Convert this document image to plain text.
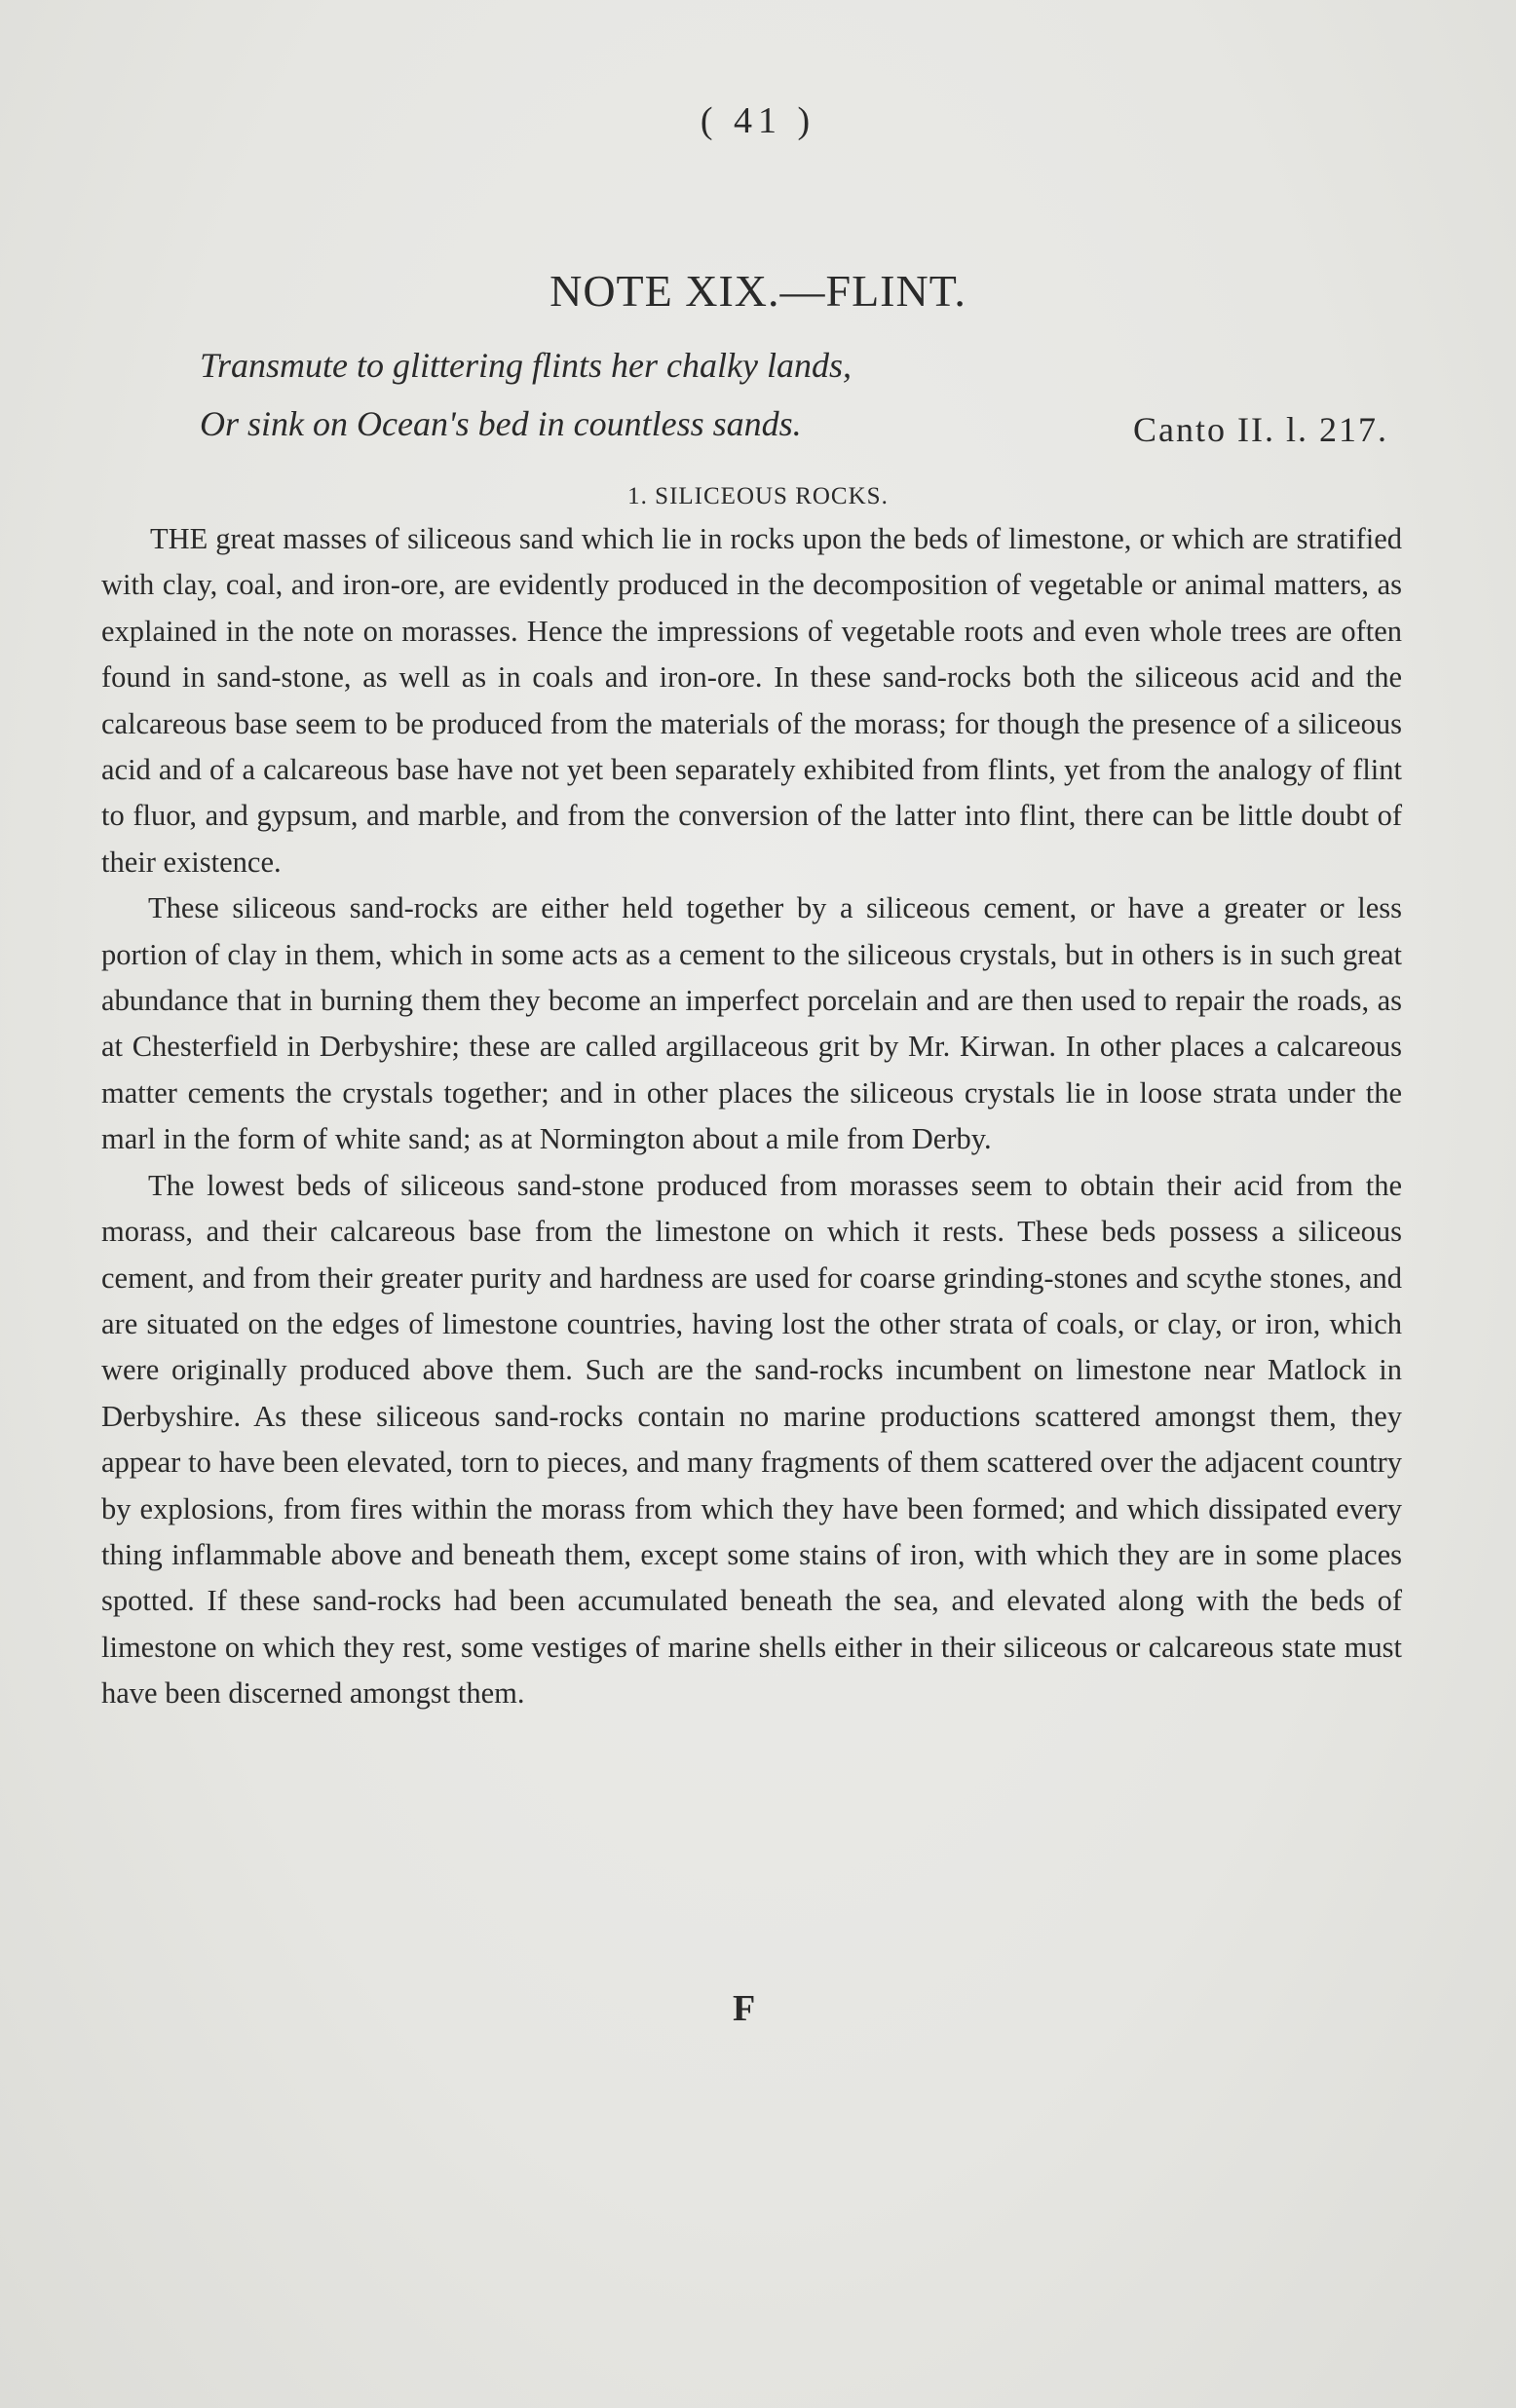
( 41 )
NOTE XIX.—FLINT.
Transmute to glittering flints her chalky lands,
Or sink on Ocean's bed in countless sands.	Canto II. l. 217.
1. SILICEOUS ROCKS.

THE great masses of siliceous sand which lie in rocks upon the beds of limestone, or which are stratified with clay, coal, and iron-ore, are evidently produced in the decomposition of vegetable or animal matters, as explained in the note on morasses. Hence the impressions of vegetable roots and even whole trees are often found in sand-stone, as well as in coals and iron-ore. In these sand-rocks both the siliceous acid and the calcareous base seem to be produced from the materials of the morass; for though the presence of a siliceous acid and of a calcareous base have not yet been separately exhibited from flints, yet from the analogy of flint to fluor, and gypsum, and marble, and from the conversion of the latter into flint, there can be little doubt of their existence.

These siliceous sand-rocks are either held together by a siliceous cement, or have a greater or less portion of clay in them, which in some acts as a cement to the siliceous crystals, but in others is in such great abundance that in burning them they become an imperfect porcelain and are then used to repair the roads, as at Chesterfield in Derbyshire; these are called argillaceous grit by Mr. Kirwan. In other places a calcareous matter cements the crystals together; and in other places the siliceous crystals lie in loose strata under the marl in the form of white sand; as at Normington about a mile from Derby.

The lowest beds of siliceous sand-stone produced from morasses seem to obtain their acid from the morass, and their calcareous base from the limestone on which it rests. These beds possess a siliceous cement, and from their greater purity and hardness are used for coarse grinding-stones and scythe stones, and are situated on the edges of limestone countries, having lost the other strata of coals, or clay, or iron, which were originally produced above them. Such are the sand-rocks incumbent on limestone near Matlock in Derbyshire. As these siliceous sand-rocks contain no marine productions scattered amongst them, they appear to have been elevated, torn to pieces, and many fragments of them scattered over the adjacent country by explosions, from fires within the morass from which they have been formed; and which dissipated every thing inflammable above and beneath them, except some stains of iron, with which they are in some places spotted. If these sand-rocks had been accumulated beneath the sea, and elevated along with the beds of limestone on which they rest, some vestiges of marine shells either in their siliceous or calcareous state must have been discerned amongst them.

F
